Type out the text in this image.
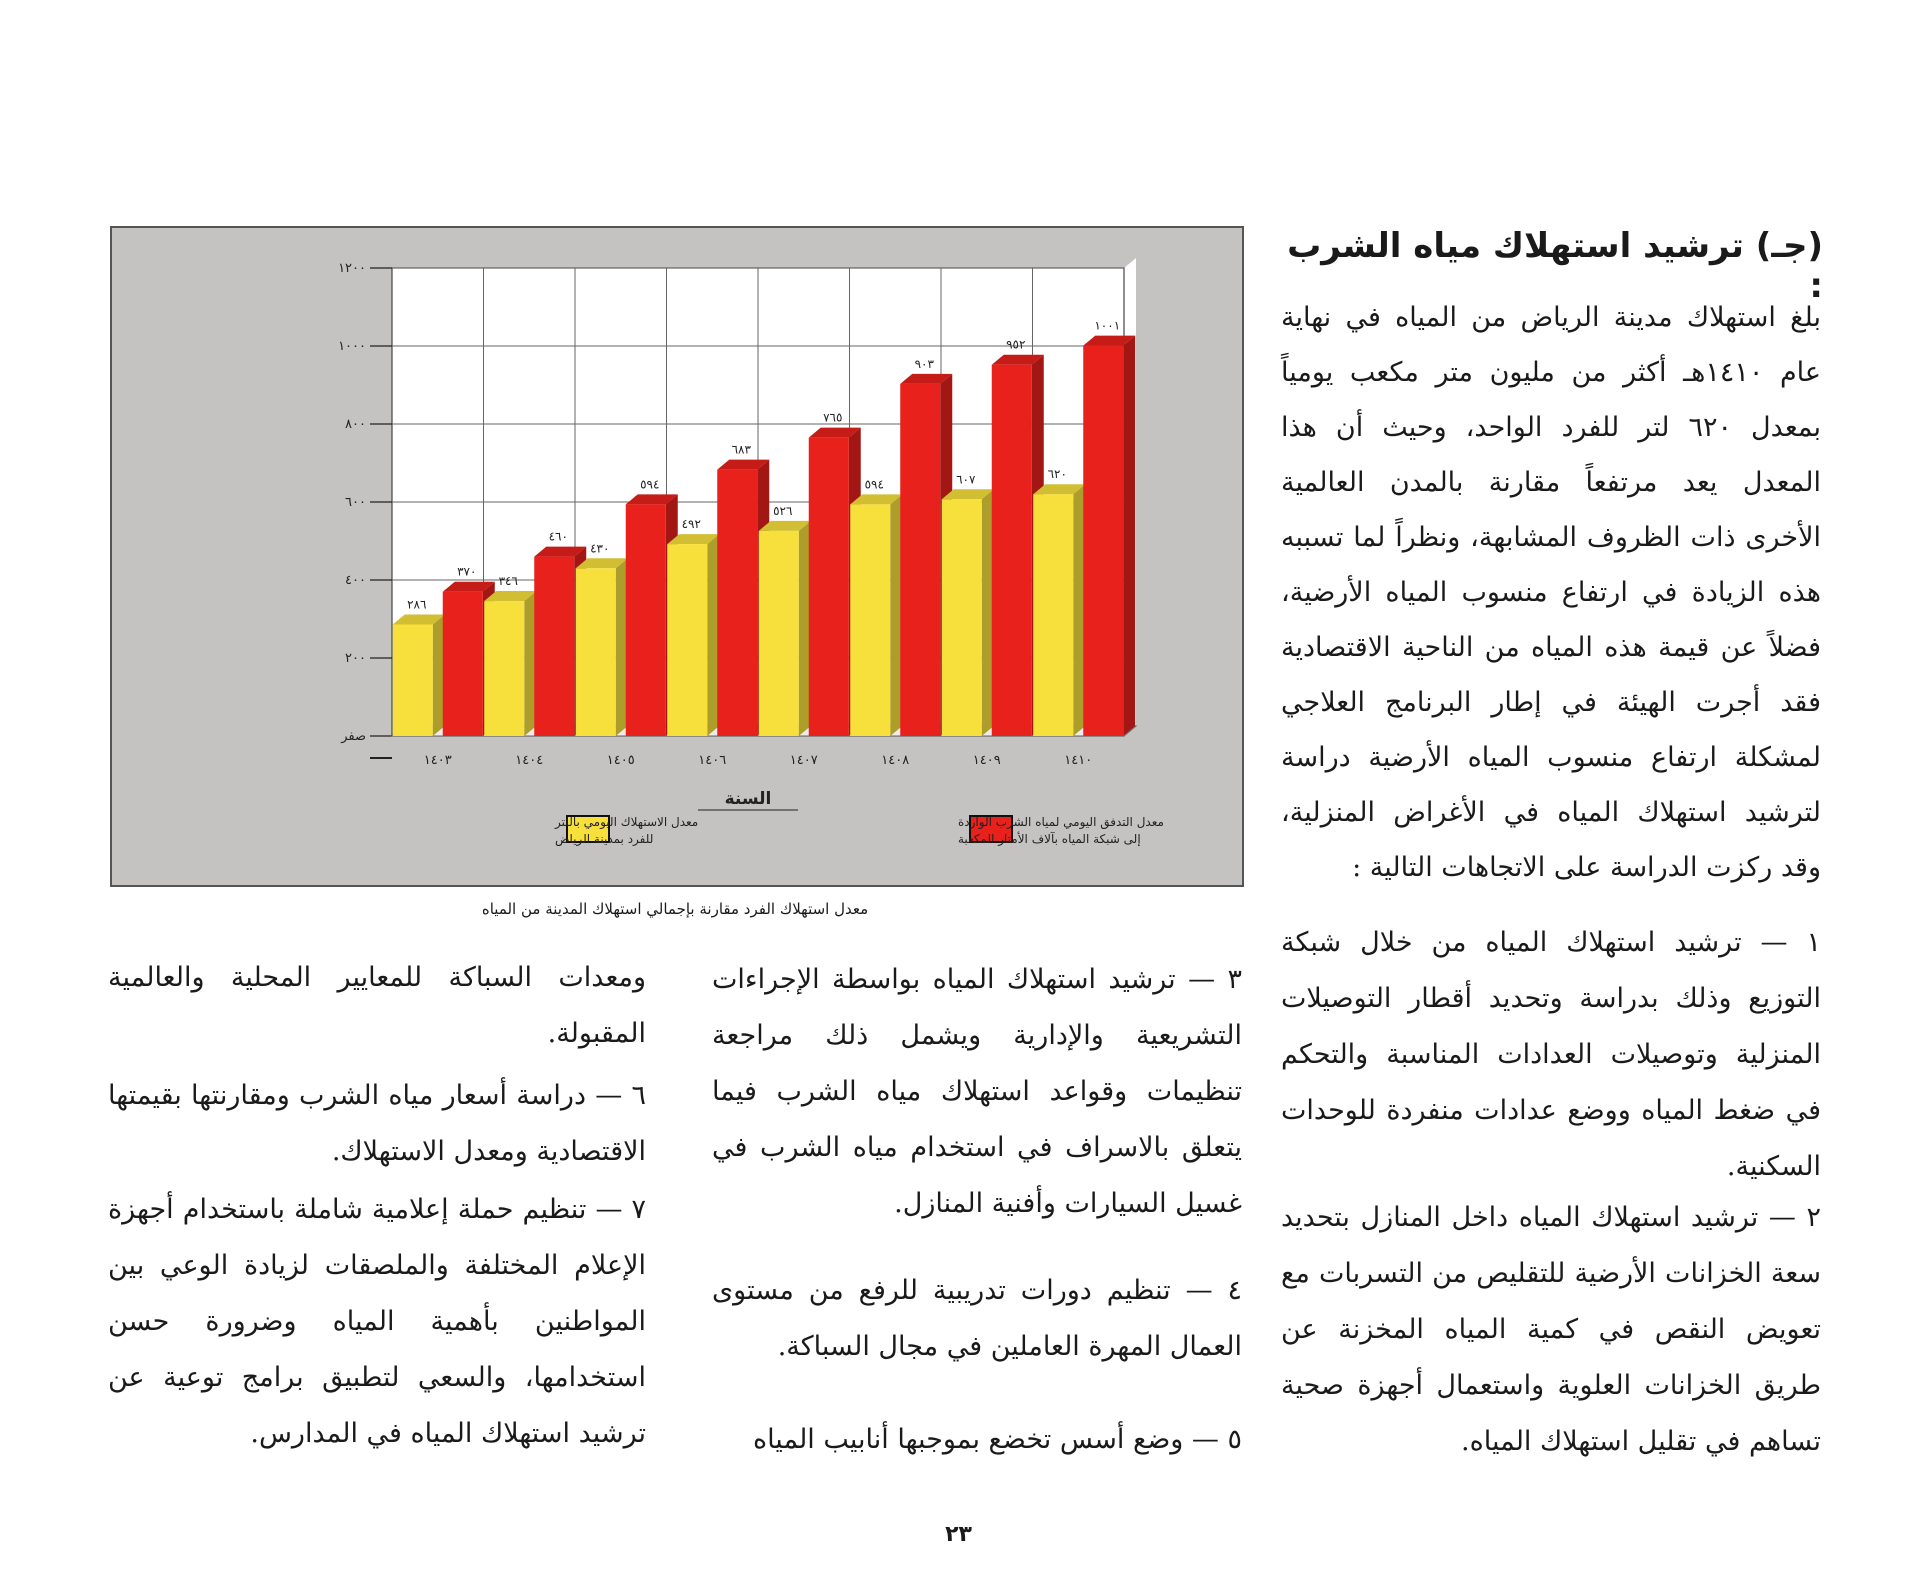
(جـ) ترشيد استهلاك مياه الشرب :
بلغ استهلاك مدينة الرياض من المياه في نهاية عام ١٤١٠هـ أكثر من مليون متر مكعب يومياً بمعدل ٦٢٠ لتر للفرد الواحد، وحيث أن هذا المعدل يعد مرتفعاً مقارنة بالمدن العالمية الأخرى ذات الظروف المشابهة، ونظراً لما تسببه هذه الزيادة في ارتفاع منسوب المياه الأرضية، فضلاً عن قيمة هذه المياه من الناحية الاقتصادية فقد أجرت الهيئة في إطار البرنامج العلاجي لمشكلة ارتفاع منسوب المياه الأرضية دراسة لترشيد استهلاك المياه في الأغراض المنزلية، وقد ركزت الدراسة على الاتجاهات التالية :

١ — ترشيد استهلاك المياه من خلال شبكة التوزيع وذلك بدراسة وتحديد أقطار التوصيلات المنزلية وتوصيلات العدادات المناسبة والتحكم في ضغط المياه ووضع عدادات منفردة للوحدات السكنية.

٢ — ترشيد استهلاك المياه داخل المنازل بتحديد سعة الخزانات الأرضية للتقليص من التسربات مع تعويض النقص في كمية المياه المخزنة عن طريق الخزانات العلوية واستعمال أجهزة صحية تساهم في تقليل استهلاك المياه.

٣ — ترشيد استهلاك المياه بواسطة الإجراءات التشريعية والإدارية ويشمل ذلك مراجعة تنظيمات وقواعد استهلاك مياه الشرب فيما يتعلق بالاسراف في استخدام مياه الشرب في غسيل السيارات وأفنية المنازل.

٤ — تنظيم دورات تدريبية للرفع من مستوى العمال المهرة العاملين في مجال السباكة.

٥ — وضع أسس تخضع بموجبها أنابيب المياه

ومعدات السباكة للمعايير المحلية والعالمية المقبولة.

٦ — دراسة أسعار مياه الشرب ومقارنتها بقيمتها الاقتصادية ومعدل الاستهلاك.

٧ — تنظيم حملة إعلامية شاملة باستخدام أجهزة الإعلام المختلفة والملصقات لزيادة الوعي بين المواطنين بأهمية المياه وضرورة حسن استخدامها، والسعي لتطبيق برامج توعية عن ترشيد استهلاك المياه في المدارس.

صفر
٢٠٠
٤٠٠
٦٠٠
٨٠٠
١٠٠٠
١٢٠٠
٢٨٦
٣٧٠
١٤٠٣
٣٤٦
٤٦٠
١٤٠٤
٤٣٠
٥٩٤
١٤٠٥
٤٩٢
٦٨٣
١٤٠٦
٥٢٦
٧٦٥
١٤٠٧
٥٩٤
٩٠٣
١٤٠٨
٦٠٧
٩٥٢
١٤٠٩
٦٢٠
١٠٠١
١٤١٠
السنة
معدل التدفق اليومي لمياه الشرب الواردة إلى شبكة المياه بآلاف الأمتار المكعبة
معدل الاستهلاك اليومي باللتر للفرد بمدينة الرياض
معدل استهلاك الفرد مقارنة بإجمالي استهلاك المدينة من المياه
٢٣
